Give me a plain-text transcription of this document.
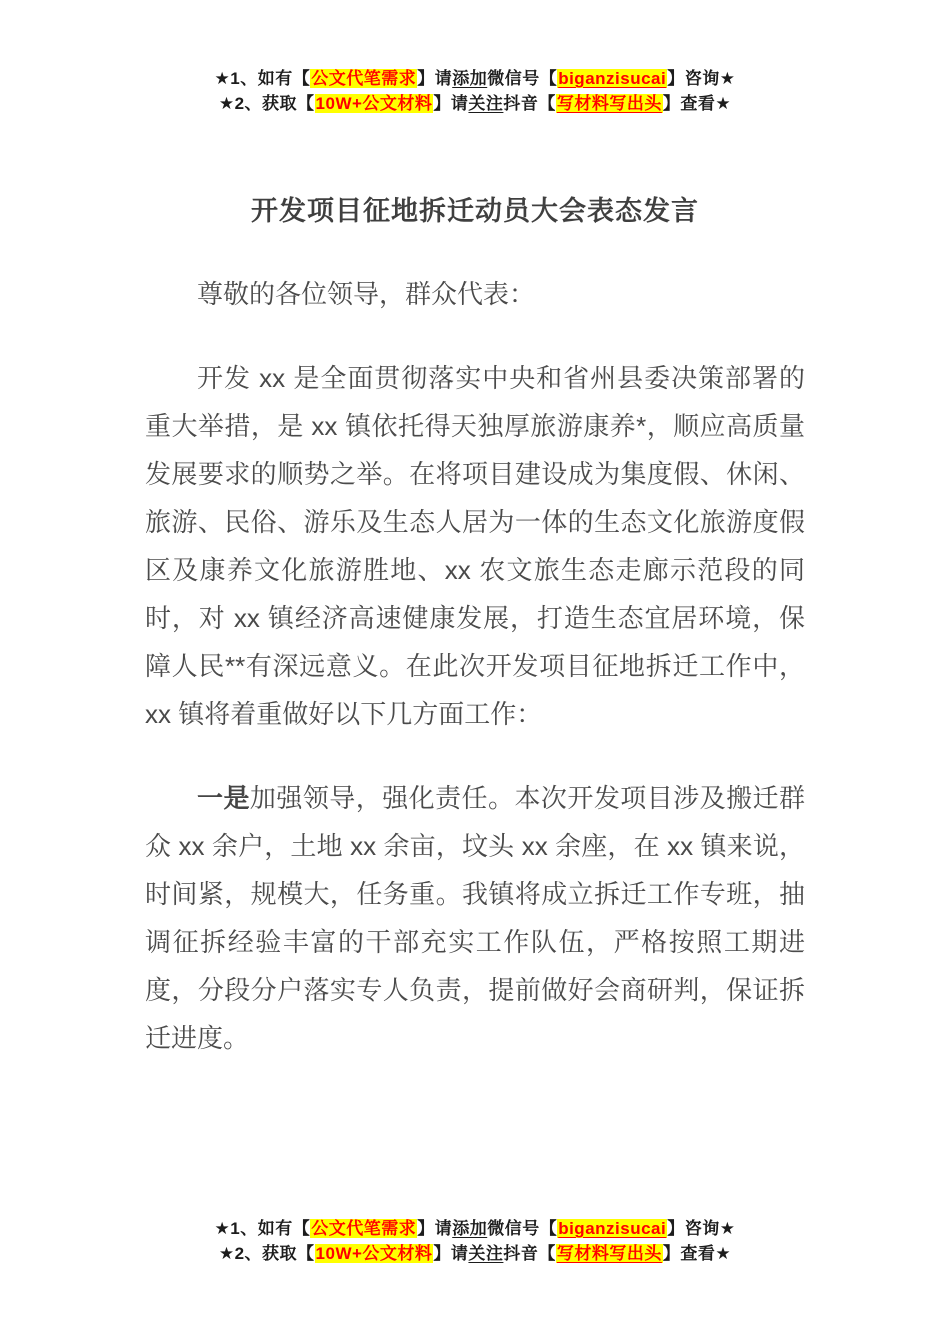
★1、如有【公文代笔需求】请添加微信号【biganzisucai】咨询★
★2、获取【10W+公文材料】请关注抖音【写材料写出头】查看★
开发项目征地拆迁动员大会表态发言

尊敬的各位领导，群众代表：

开发 xx 是全面贯彻落实中央和省州县委决策部署的重大举措，是 xx 镇依托得天独厚旅游康养*，顺应高质量发展要求的顺势之举。在将项目建设成为集度假、休闲、旅游、民俗、游乐及生态人居为一体的生态文化旅游度假区及康养文化旅游胜地、xx 农文旅生态走廊示范段的同时，对 xx 镇经济高速健康发展，打造生态宜居环境，保障人民**有深远意义。在此次开发项目征地拆迁工作中，xx 镇将着重做好以下几方面工作：

一是加强领导，强化责任。本次开发项目涉及搬迁群众 xx 余户，土地 xx 余亩，坟头 xx 余座，在 xx 镇来说，时间紧，规模大，任务重。我镇将成立拆迁工作专班，抽调征拆经验丰富的干部充实工作队伍，严格按照工期进度，分段分户落实专人负责，提前做好会商研判，保证拆迁进度。

★1、如有【公文代笔需求】请添加微信号【biganzisucai】咨询★
★2、获取【10W+公文材料】请关注抖音【写材料写出头】查看★
